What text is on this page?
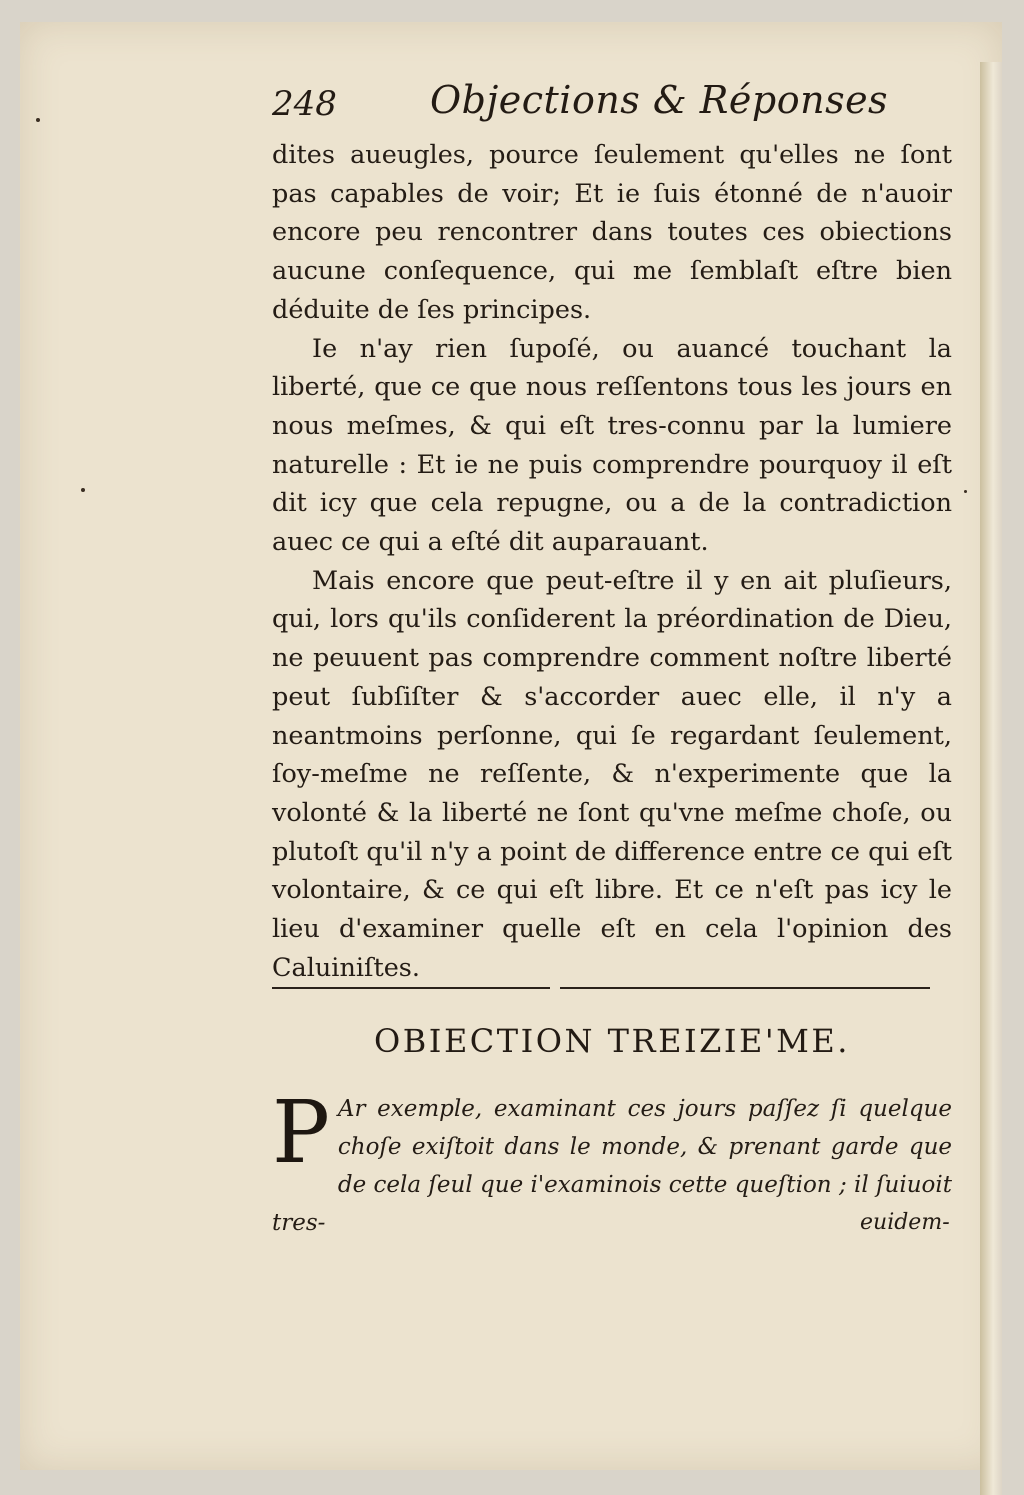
248 Objections & Réponses

dites aueugles, pource ſeulement qu'elles ne ſont pas capables de voir; Et ie ſuis étonné de n'auoir encore peu rencontrer dans toutes ces obiections aucune conſequence, qui me ſemblaſt eſtre bien déduite de ſes principes.

Ie n'ay rien ſupoſé, ou auancé touchant la liberté, que ce que nous reſſentons tous les jours en nous meſmes, & qui eſt tres-connu par la lumiere naturelle : Et ie ne puis comprendre pourquoy il eſt dit icy que cela repugne, ou a de la contradiction auec ce qui a eſté dit auparauant.

Mais encore que peut-eſtre il y en ait pluſieurs, qui, lors qu'ils conſiderent la préordination de Dieu, ne peuuent pas comprendre comment noſtre liberté peut ſubſiſter & s'accorder auec elle, il n'y a neantmoins perſonne, qui ſe regardant ſeulement, ſoy-meſme ne reſſente, & n'experimente que la volonté & la liberté ne ſont qu'vne meſme choſe, ou plutoſt qu'il n'y a point de difference entre ce qui eſt volontaire, & ce qui eſt libre. Et ce n'eſt pas icy le lieu d'examiner quelle eſt en cela l'opinion des Caluiniſtes.

OBIECTION TREIZIE'ME.
P Ar exemple, examinant ces jours paſſez ſi quelque choſe exiſtoit dans le monde, & prenant garde que de cela ſeul que i'examinois cette queſtion ; il ſuiuoit tres-	euidem-
